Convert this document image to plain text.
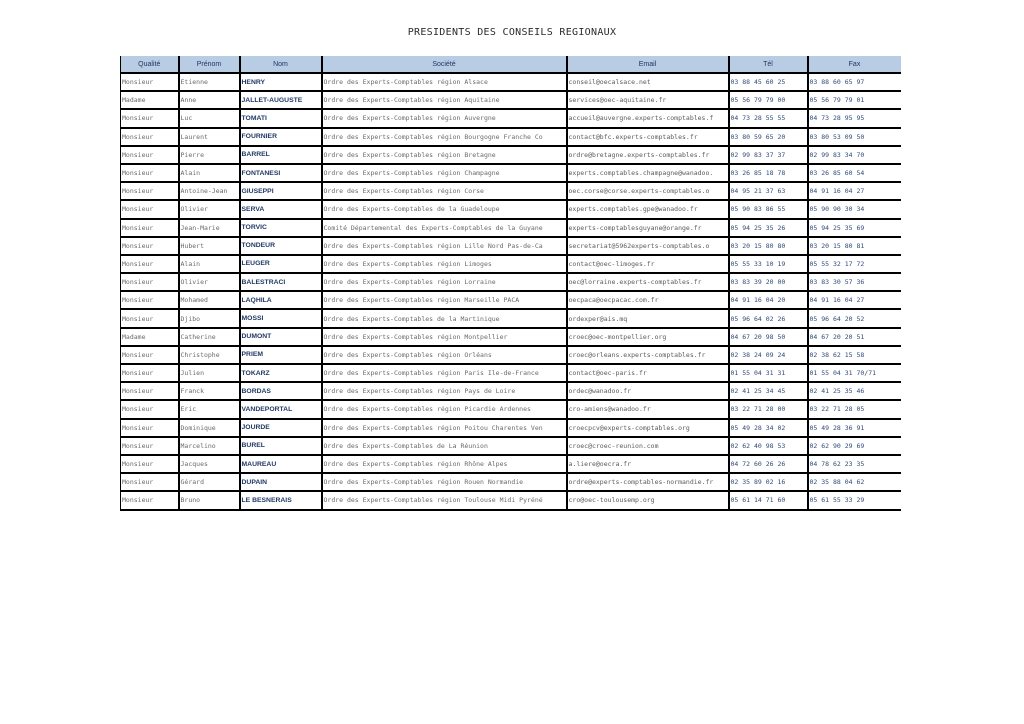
PRESIDENTS DES CONSEILS REGIONAUX
Qualité	Prénom	Nom	Société	Email	Tél	Fax
Monsieur	Etienne	HENRY	Ordre des Experts-Comptables région Alsace	conseil@oecalsace.net	03 88 45 60 25	03 88 60 65 97
Madame	Anne	JALLET-AUGUSTE	Ordre des Experts-Comptables région Aquitaine	services@oec-aquitaine.fr	05 56 79 79 00	05 56 79 79 01
Monsieur	Luc	TOMATI	Ordre des Experts-Comptables région Auvergne	accueil@auvergne.experts-comptables.f	04 73 28 55 55	04 73 28 95 95
Monsieur	Laurent	FOURNIER	Ordre des Experts-Comptables région Bourgogne Franche Co	contact@bfc.experts-comptables.fr	03 80 59 65 20	03 80 53 09 50
Monsieur	Pierre	BARREL	Ordre des Experts-Comptables région Bretagne	ordre@bretagne.experts-comptables.fr	02 99 83 37 37	02 99 83 34 70
Monsieur	Alain	FONTANESI	Ordre des Experts-Comptables région Champagne	experts.comptables.champagne@wanadoo.	03 26 85 18 78	03 26 85 60 54
Monsieur	Antoine-Jean	GIUSEPPI	Ordre des Experts-Comptables région Corse	oec.corse@corse.experts-comptables.o	04 95 21 37 63	04 91 16 04 27
Monsieur	Olivier	SERVA	Ordre des Experts-Comptables de la Guadeloupe	experts.comptables.gpe@wanadoo.fr	05 90 83 86 55	05 90 90 30 34
Monsieur	Jean-Marie	TORVIC	Comité Départemental des Experts-Comptables de la Guyane	experts-comptablesguyane@orange.fr	05 94 25 35 26	05 94 25 35 69
Monsieur	Hubert	TONDEUR	Ordre des Experts-Comptables région Lille Nord Pas-de-Ca	secretariat@5962experts-comptables.o	03 20 15 80 80	03 20 15 80 81
Monsieur	Alain	LEUGER	Ordre des Experts-Comptables région Limoges	contact@oec-limoges.fr	05 55 33 10 19	05 55 32 17 72
Monsieur	Olivier	BALESTRACI	Ordre des Experts-Comptables région Lorraine	oec@lorraine.experts-comptables.fr	03 83 39 20 00	03 83 30 57 36
Monsieur	Mohamed	LAQHILA	Ordre des Experts-Comptables région Marseille PACA	oecpaca@oecpacac.com.fr	04 91 16 04 20	04 91 16 04 27
Monsieur	Djibo	MOSSI	Ordre des Experts-Comptables de la Martinique	ordexper@ais.mq	05 96 64 02 26	05 96 64 20 52
Madame	Catherine	DUMONT	Ordre des Experts-Comptables région Montpellier	croec@oec-montpellier.org	04 67 20 98 50	04 67 20 20 51
Monsieur	Christophe	PRIEM	Ordre des Experts-Comptables région Orléans	croec@orleans.experts-comptables.fr	02 38 24 09 24	02 38 62 15 58
Monsieur	Julien	TOKARZ	Ordre des Experts-Comptables région Paris Ile-de-France	contact@oec-paris.fr	01 55 04 31 31	01 55 04 31 70/71
Monsieur	Franck	BORDAS	Ordre des Experts-Comptables région Pays de Loire	ordec@wanadoo.fr	02 41 25 34 45	02 41 25 35 46
Monsieur	Eric	VANDEPORTAL	Ordre des Experts-Comptables région Picardie Ardennes	cro-amiens@wanadoo.fr	03 22 71 28 00	03 22 71 28 05
Monsieur	Dominique	JOURDE	Ordre des Experts-Comptables région Poitou Charentes Ven	croecpcv@experts-comptables.org	05 49 28 34 02	05 49 28 36 91
Monsieur	Marcelino	BUREL	Ordre des Experts-Comptables de La Réunion	croec@croec-reunion.com	02 62 40 98 53	02 62 90 29 69
Monsieur	Jacques	MAUREAU	Ordre des Experts-Comptables région Rhône Alpes	a.liere@oecra.fr	04 72 60 26 26	04 78 62 23 35
Monsieur	Gérard	DUPAIN	Ordre des Experts-Comptables région Rouen Normandie	ordre@experts-comptables-normandie.fr	02 35 89 02 16	02 35 88 04 62
Monsieur	Bruno	LE BESNERAIS	Ordre des Experts-Comptables région Toulouse Midi Pyréné	cro@oec-toulousemp.org	05 61 14 71 60	05 61 55 33 29
